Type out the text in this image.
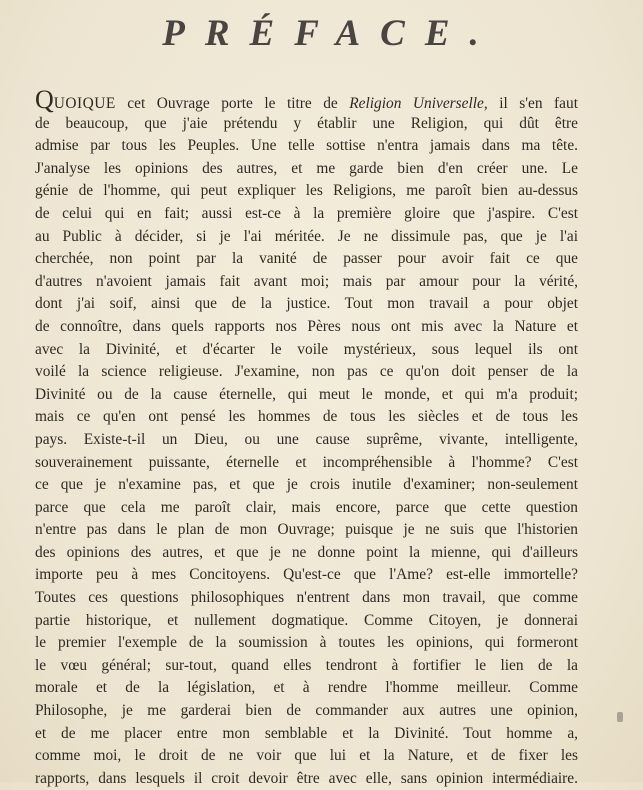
PRÉFACE.
QUOIQUE cet Ouvrage porte le titre de Religion Universelle, il s'en faut
de beaucoup, que j'aie prétendu y établir une Religion, qui dût être
admise par tous les Peuples. Une telle sottise n'entra jamais dans ma tête.
J'analyse les opinions des autres, et me garde bien d'en créer une. Le
génie de l'homme, qui peut expliquer les Religions, me paroît bien au-dessus
de celui qui en fait; aussi est-ce à la première gloire que j'aspire. C'est
au Public à décider, si je l'ai méritée. Je ne dissimule pas, que je l'ai
cherchée, non point par la vanité de passer pour avoir fait ce que
d'autres n'avoient jamais fait avant moi; mais par amour pour la vérité,
dont j'ai soif, ainsi que de la justice. Tout mon travail a pour objet
de connoître, dans quels rapports nos Pères nous ont mis avec la Nature et
avec la Divinité, et d'écarter le voile mystérieux, sous lequel ils ont
voilé la science religieuse. J'examine, non pas ce qu'on doit penser de la
Divinité ou de la cause éternelle, qui meut le monde, et qui m'a produit;
mais ce qu'en ont pensé les hommes de tous les siècles et de tous les
pays. Existe-t-il un Dieu, ou une cause suprême, vivante, intelligente,
souverainement puissante, éternelle et incompréhensible à l'homme? C'est
ce que je n'examine pas, et que je crois inutile d'examiner; non-seulement
parce que cela me paroît clair, mais encore, parce que cette question
n'entre pas dans le plan de mon Ouvrage; puisque je ne suis que l'historien
des opinions des autres, et que je ne donne point la mienne, qui d'ailleurs
importe peu à mes Concitoyens. Qu'est-ce que l'Ame? est-elle immortelle?
Toutes ces questions philosophiques n'entrent dans mon travail, que comme
partie historique, et nullement dogmatique. Comme Citoyen, je donnerai
le premier l'exemple de la soumission à toutes les opinions, qui formeront
le vœu général; sur-tout, quand elles tendront à fortifier le lien de la
morale et de la législation, et à rendre l'homme meilleur. Comme
Philosophe, je me garderai bien de commander aux autres une opinion,
et de me placer entre mon semblable et la Divinité. Tout homme a,
comme moi, le droit de ne voir que lui et la Nature, et de fixer les
rapports, dans lesquels il croit devoir être avec elle, sans opinion intermédiaire.
